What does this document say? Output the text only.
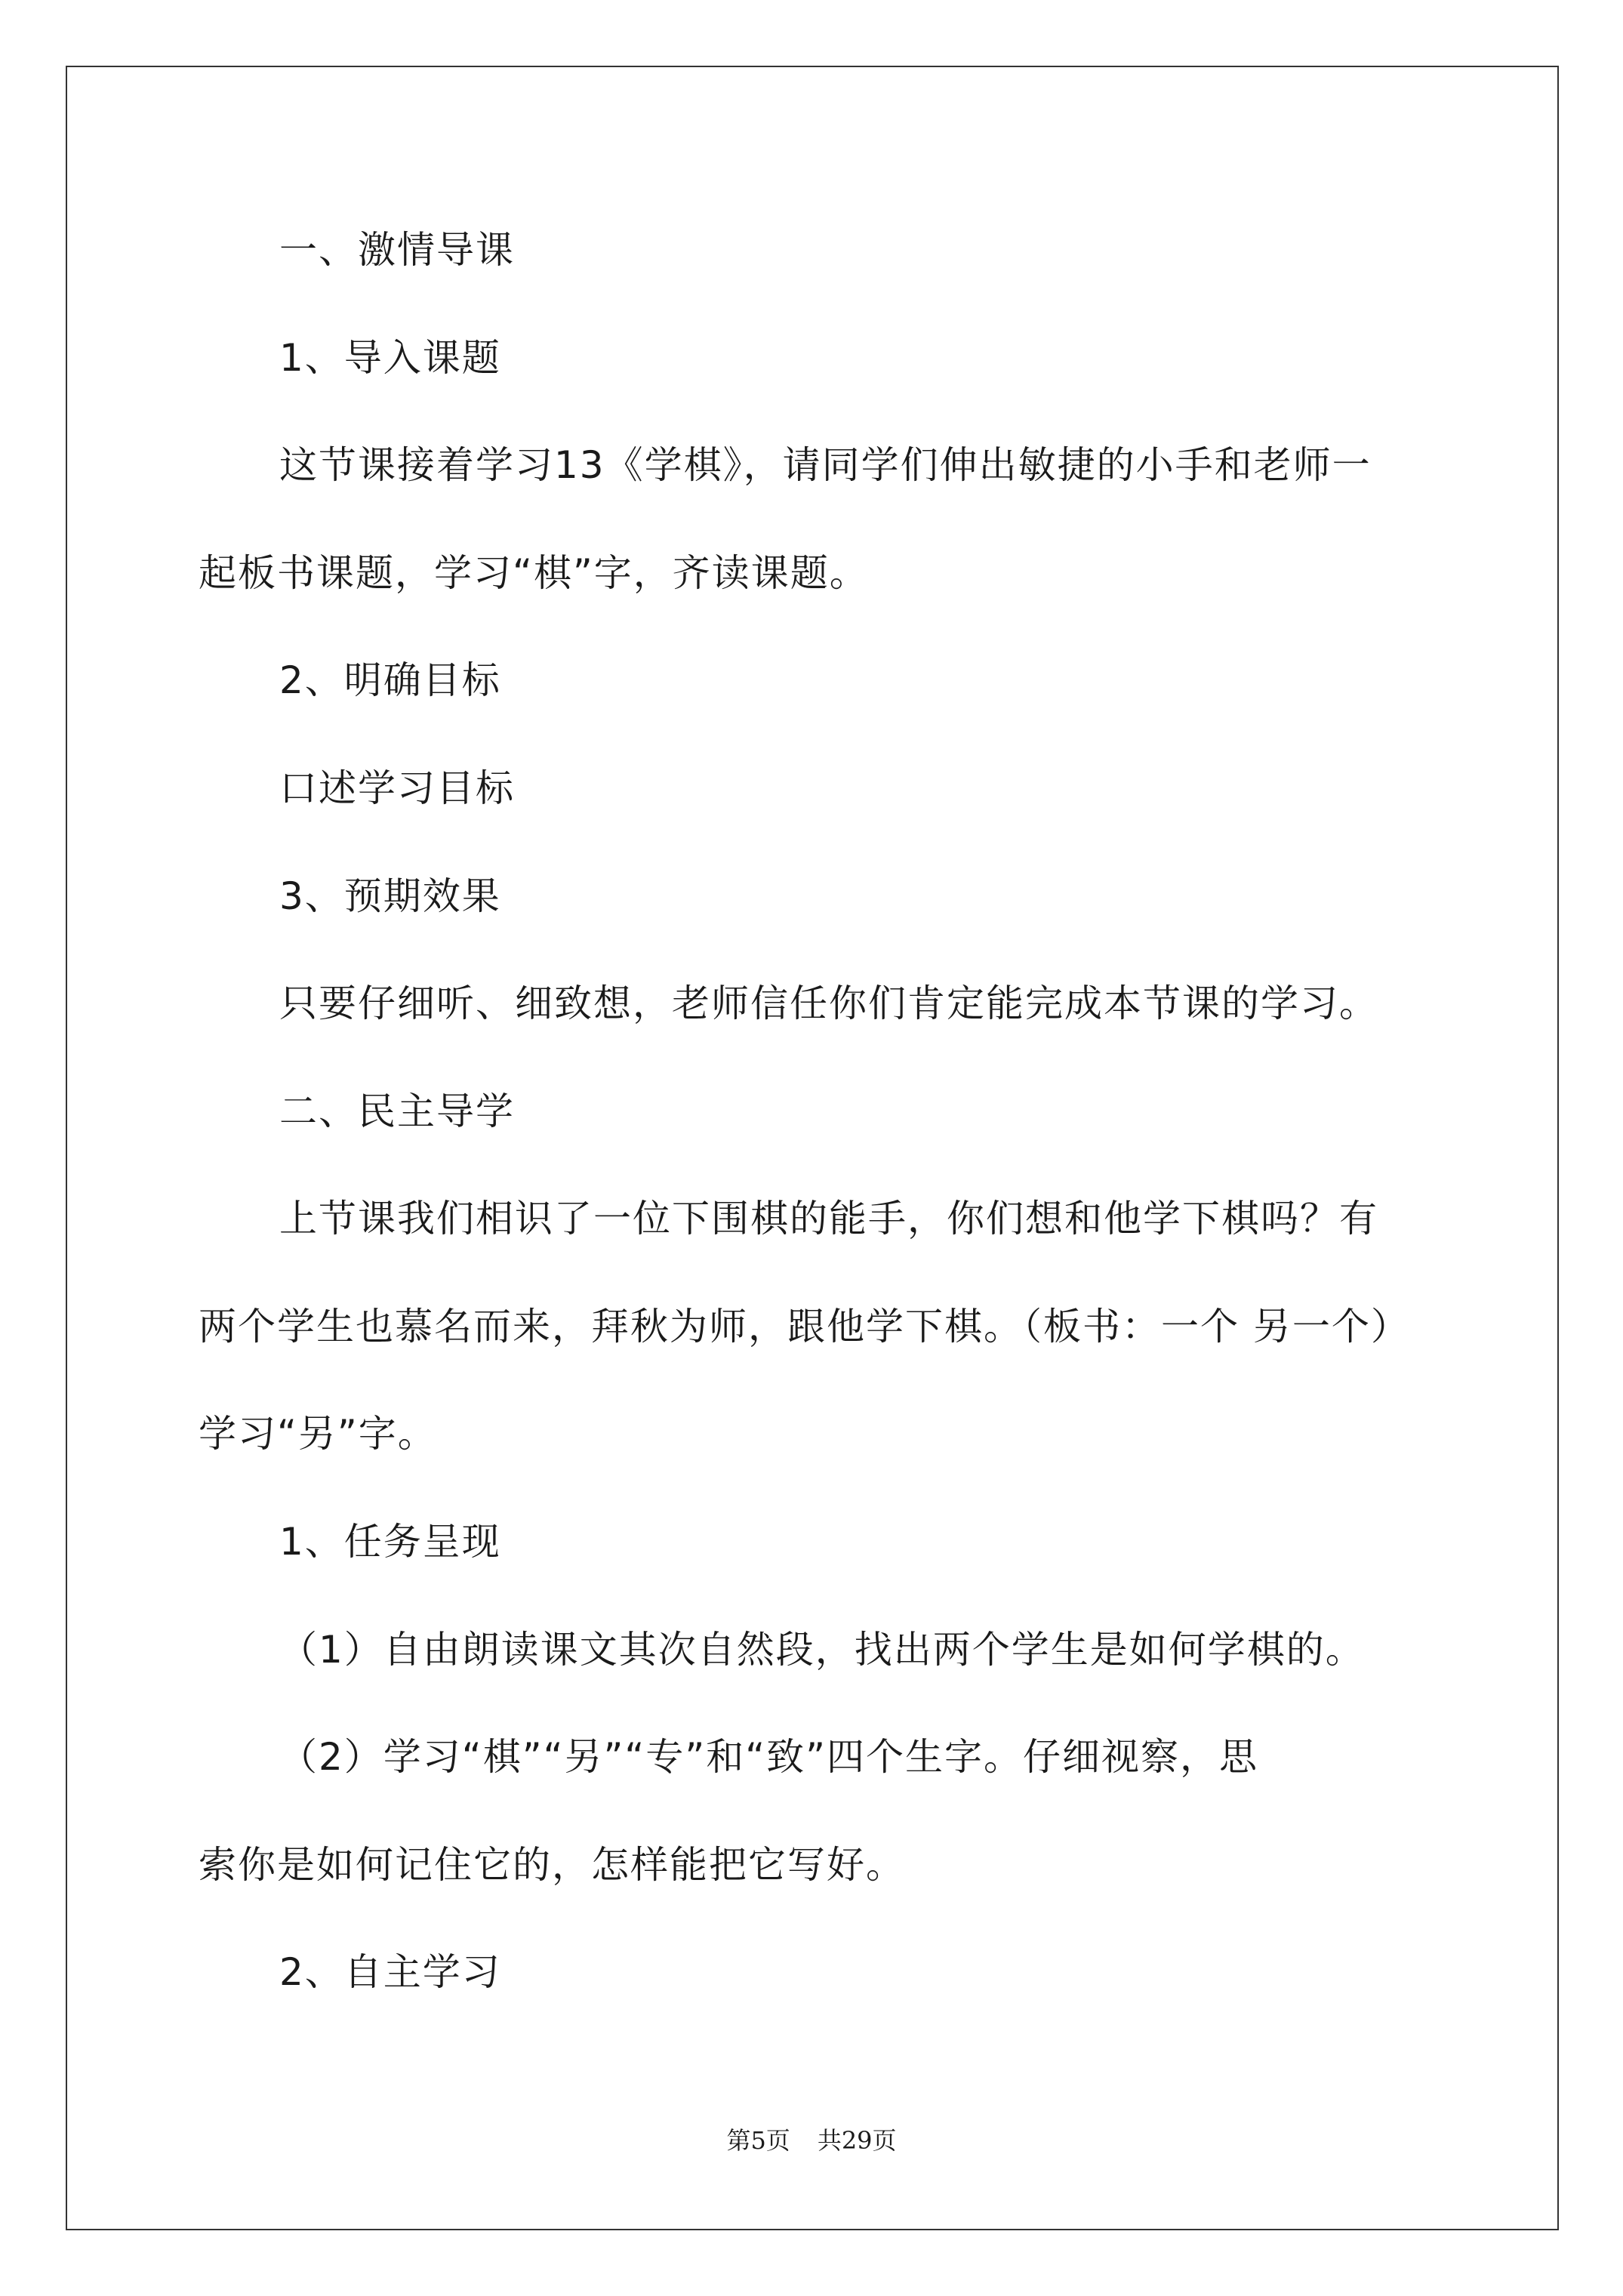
一、激情导课
1、导入课题
这节课接着学习13《学棋》，请同学们伸出敏捷的小手和老师一
起板书课题，学习“棋”字，齐读课题。
2、明确目标
口述学习目标
3、预期效果
只要仔细听、细致想，老师信任你们肯定能完成本节课的学习。
二、民主导学
上节课我们相识了一位下围棋的能手，你们想和他学下棋吗？有
两个学生也慕名而来，拜秋为师，跟他学下棋。（板书：一个 另一个）
学习“另”字。
1、任务呈现
（1）自由朗读课文其次自然段，找出两个学生是如何学棋的。
（2）学习“棋”“另”“专”和“致”四个生字。仔细视察，思
索你是如何记住它的，怎样能把它写好。
2、自主学习
第5页 共29页
